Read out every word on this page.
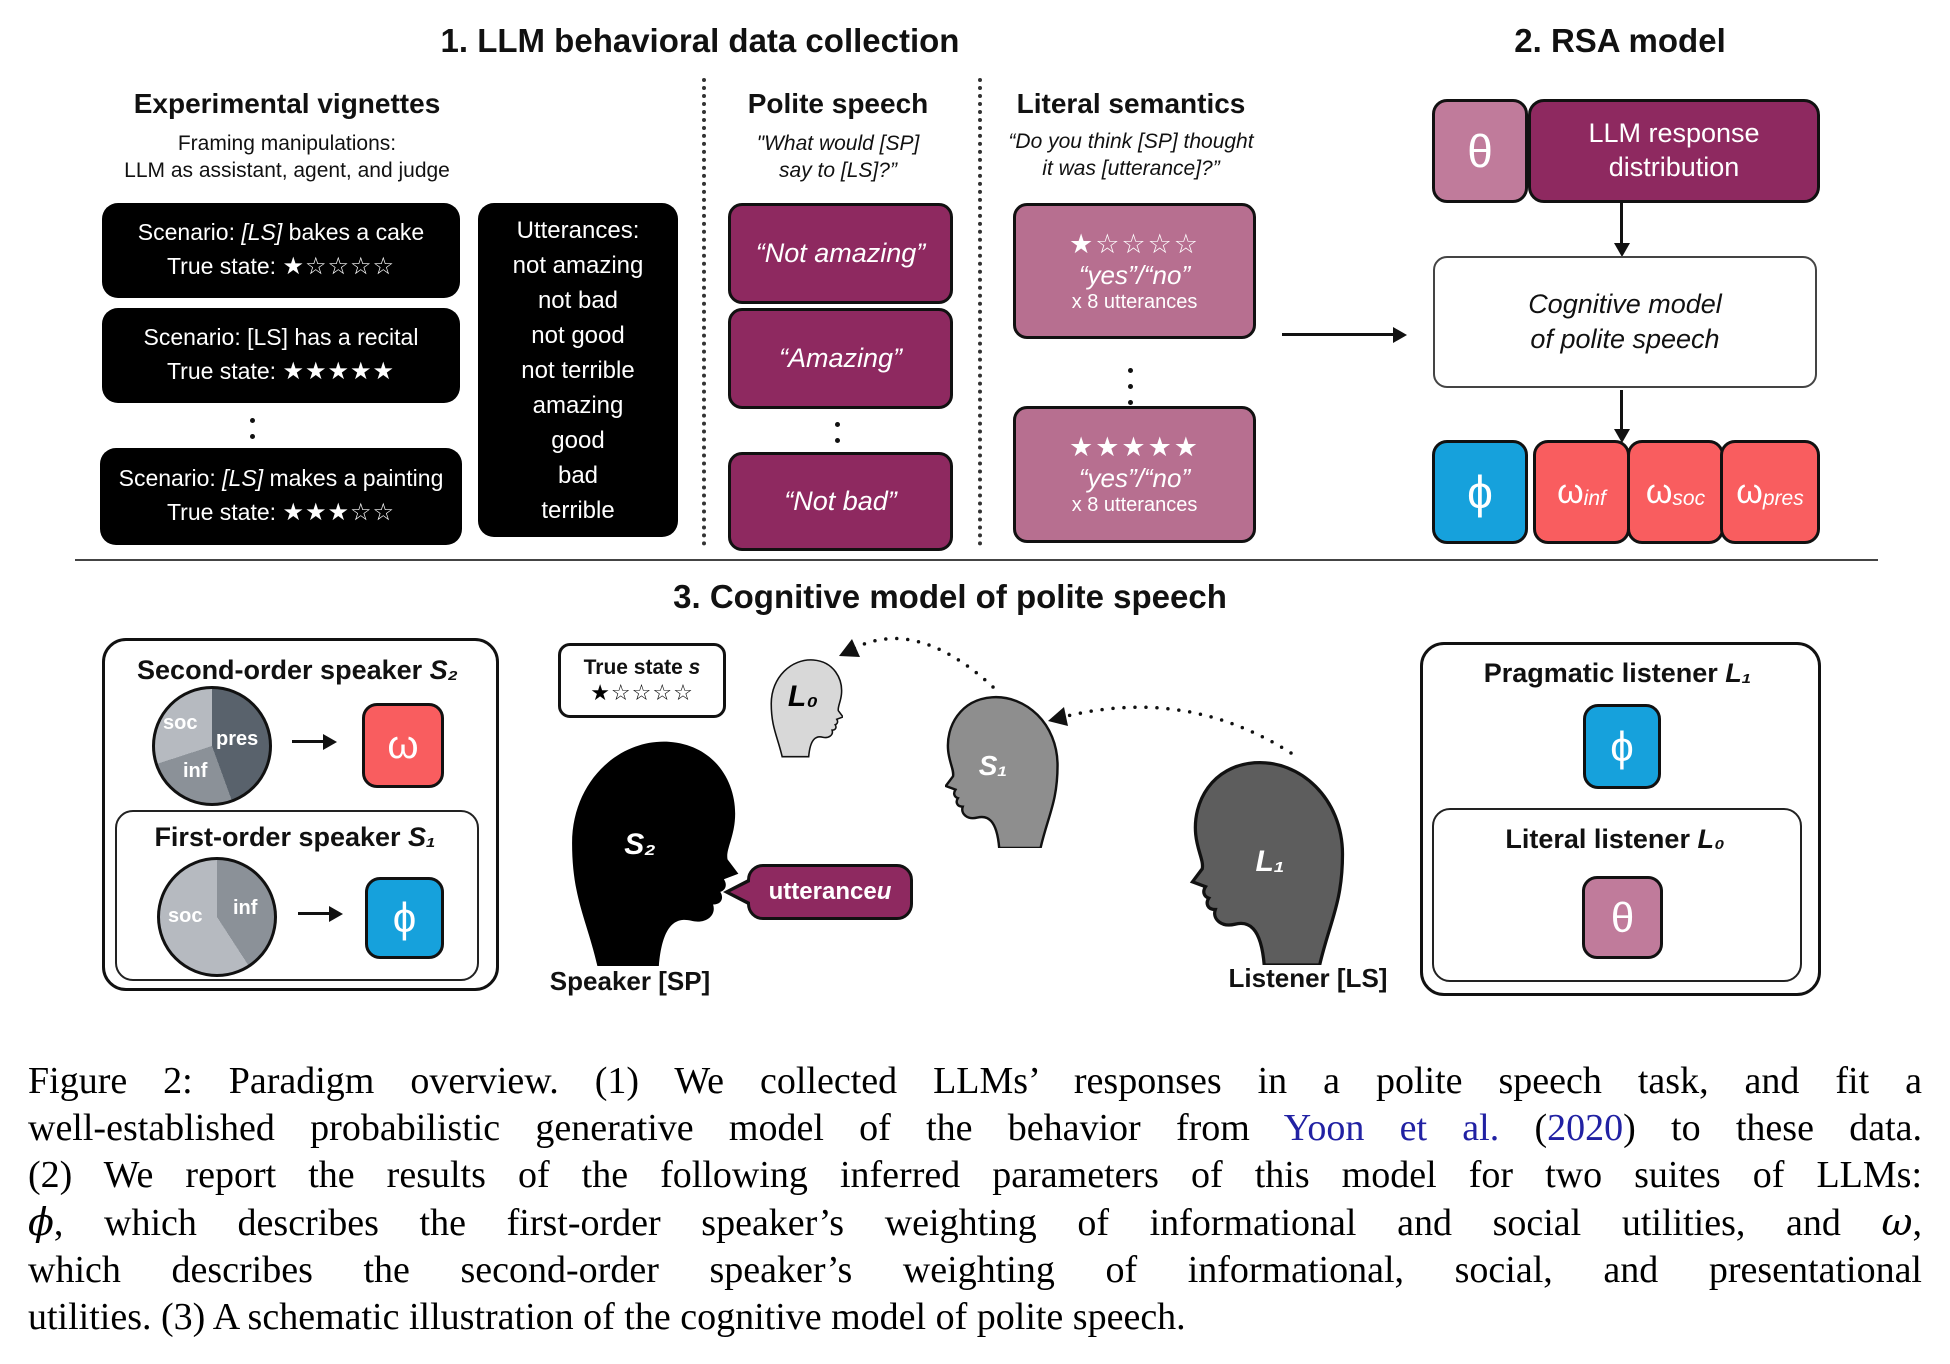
1. LLM behavioral data collection	2. RSA model
Experimental vignettes
Framing manipulations:
LLM as assistant, agent, and judge
Scenario: [LS] bakes a cake
True state: ★☆☆☆☆
Scenario: [LS] has a recital
True state: ★★★★★
Scenario: [LS] makes a painting
True state: ★★★☆☆
Utterances:
not amazing
not bad
not good
not terrible
amazing
good
bad
terrible
Polite speech
"What would [SP]
say to [LS]?”
“Not amazing”
“Amazing”
“Not bad”
Literal semantics
“Do you think [SP] thought
it was [utterance]?”
★☆☆☆☆
“yes”/“no”
x 8 utterances
★★★★★
“yes”/“no”
x 8 utterances
θ	LLM response
distribution
Cognitive model
of polite speech
ϕ ω inf ω soc ω pres
3. Cognitive model of polite speech
Second-order speaker S₂
soc
pres
inf
ω
First-order speaker S₁
soc inf	ϕ
True state s
★☆☆☆☆
S₂
L₀
S₁
L₁
utterance u
Speaker [SP]	Listener [LS]
Pragmatic listener L₁
ϕ
Literal listener L₀
θ
Figure 2: Paradigm overview. (1) We collected LLMs’ responses in a polite speech task, and fit a
well-established probabilistic generative model of the behavior from Yoon et al. (2020) to these data.
(2) We report the results of the following inferred parameters of this model for two suites of LLMs:
ϕ, which describes the first-order speaker’s weighting of informational and social utilities, and ω,
which describes the second-order speaker’s weighting of informational, social, and presentational
utilities. (3) A schematic illustration of the cognitive model of polite speech.
